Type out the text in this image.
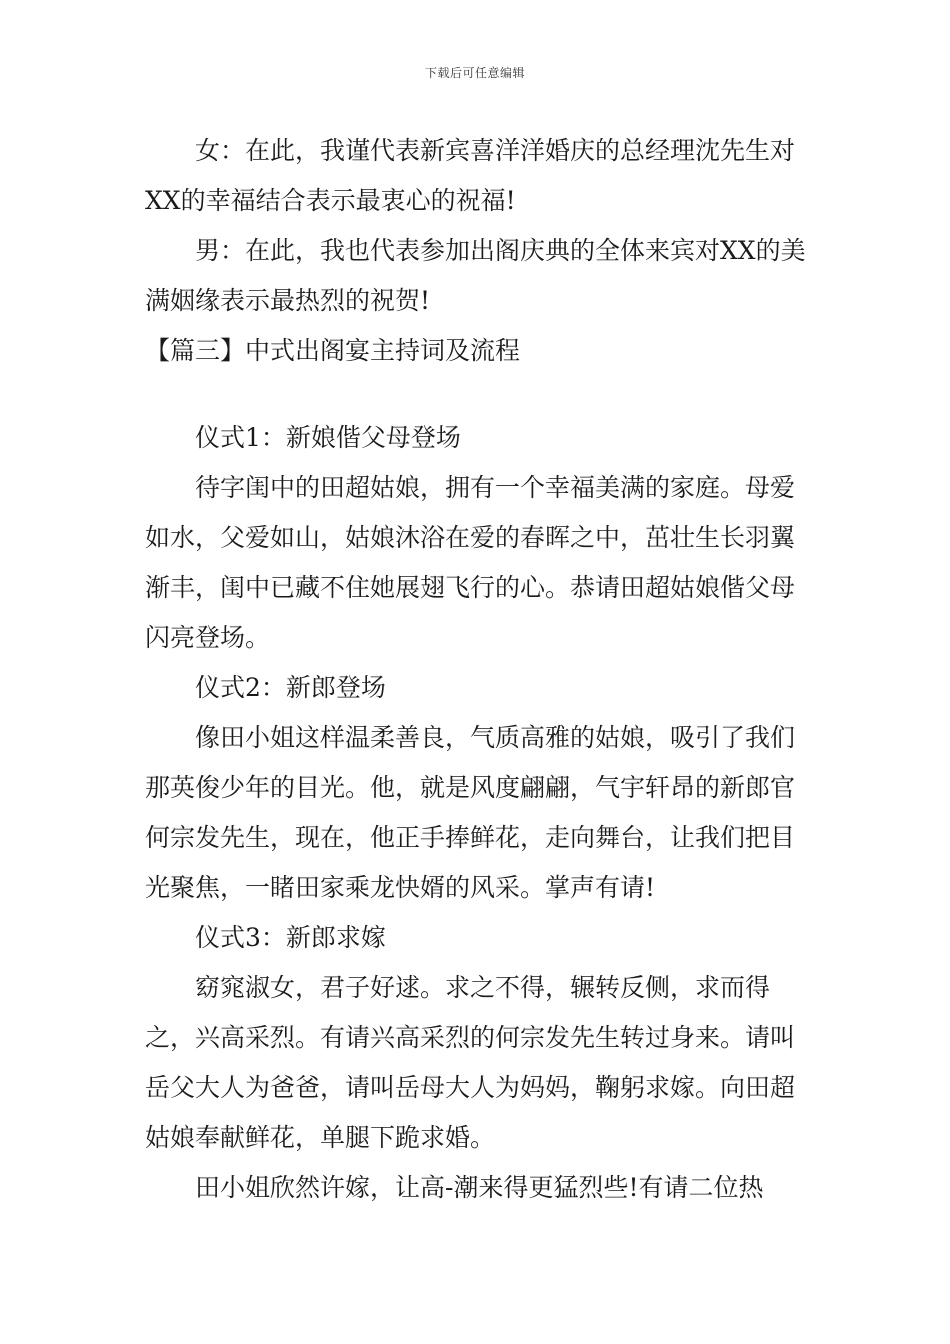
下载后可任意编辑

女：在此，我谨代表新宾喜洋洋婚庆的总经理沈先生对XX的幸福结合表示最衷心的祝福!

男：在此，我也代表参加出阁庆典的全体来宾对XX的美满姻缘表示最热烈的祝贺!

【篇三】中式出阁宴主持词及流程

仪式1：新娘偕父母登场

待字闺中的田超姑娘，拥有一个幸福美满的家庭。母爱如水，父爱如山，姑娘沐浴在爱的春晖之中，茁壮生长羽翼渐丰，闺中已藏不住她展翅飞行的心。恭请田超姑娘偕父母闪亮登场。

仪式2：新郎登场

像田小姐这样温柔善良，气质高雅的姑娘，吸引了我们那英俊少年的目光。他，就是风度翩翩，气宇轩昂的新郎官何宗发先生，现在，他正手捧鲜花，走向舞台，让我们把目光聚焦，一睹田家乘龙快婿的风采。掌声有请!

仪式3：新郎求嫁

窈窕淑女，君子好逑。求之不得，辗转反侧，求而得之，兴高采烈。有请兴高采烈的何宗发先生转过身来。请叫岳父大人为爸爸，请叫岳母大人为妈妈，鞠躬求嫁。向田超姑娘奉献鲜花，单腿下跪求婚。

田小姐欣然许嫁，让高-潮来得更猛烈些!有请二位热
